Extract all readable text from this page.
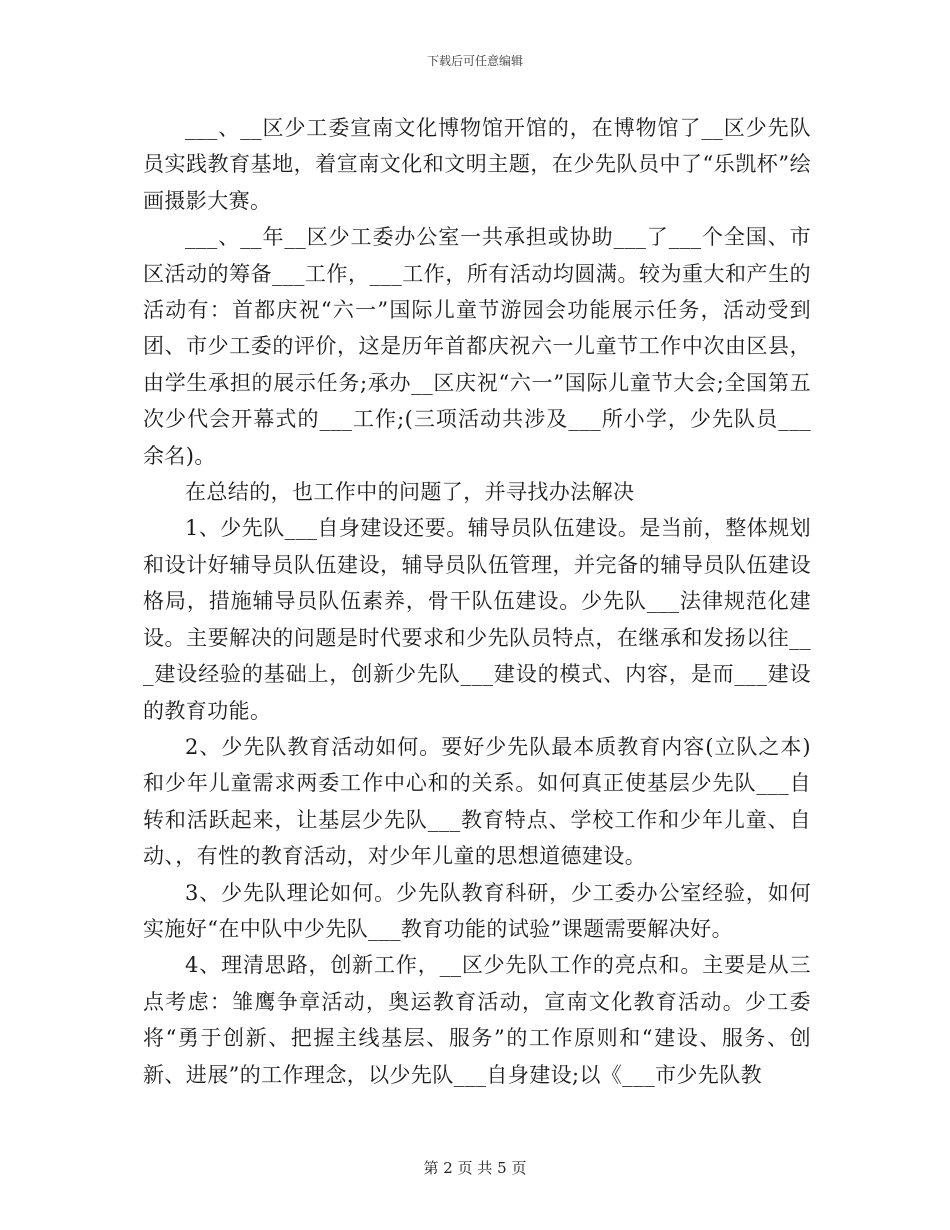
下载后可任意编辑

___、__区少工委宣南文化博物馆开馆的，在博物馆了__区少先队员实践教育基地，着宣南文化和文明主题，在少先队员中了“乐凯杯”绘画摄影大赛。

___、__年__区少工委办公室一共承担或协助___了___个全国、市区活动的筹备___工作，___工作，所有活动均圆满。较为重大和产生的活动有：首都庆祝“六一”国际儿童节游园会功能展示任务，活动受到团、市少工委的评价，这是历年首都庆祝六一儿童节工作中次由区县，由学生承担的展示任务;承办__区庆祝“六一”国际儿童节大会;全国第五次少代会开幕式的___工作;(三项活动共涉及___所小学，少先队员___余名)。

在总结的，也工作中的问题了，并寻找办法解决

1、少先队___自身建设还要。辅导员队伍建设。是当前，整体规划和设计好辅导员队伍建设，辅导员队伍管理，并完备的辅导员队伍建设格局，措施辅导员队伍素养，骨干队伍建设。少先队___法律规范化建设。主要解决的问题是时代要求和少先队员特点，在继承和发扬以往___建设经验的基础上，创新少先队___建设的模式、内容，是而___建设的教育功能。

2、少先队教育活动如何。要好少先队最本质教育内容(立队之本)和少年儿童需求两委工作中心和的关系。如何真正使基层少先队___自转和活跃起来，让基层少先队___教育特点、学校工作和少年儿童、自动、，有性的教育活动，对少年儿童的思想道德建设。

3、少先队理论如何。少先队教育科研，少工委办公室经验，如何实施好“在中队中少先队___教育功能的试验”课题需要解决好。

4、理清思路，创新工作，__区少先队工作的亮点和。主要是从三点考虑：雏鹰争章活动，奥运教育活动，宣南文化教育活动。少工委将“勇于创新、把握主线基层、服务”的工作原则和“建设、服务、创新、进展”的工作理念，以少先队___自身建设;以《___市少先队教

第 2 页 共 5 页
